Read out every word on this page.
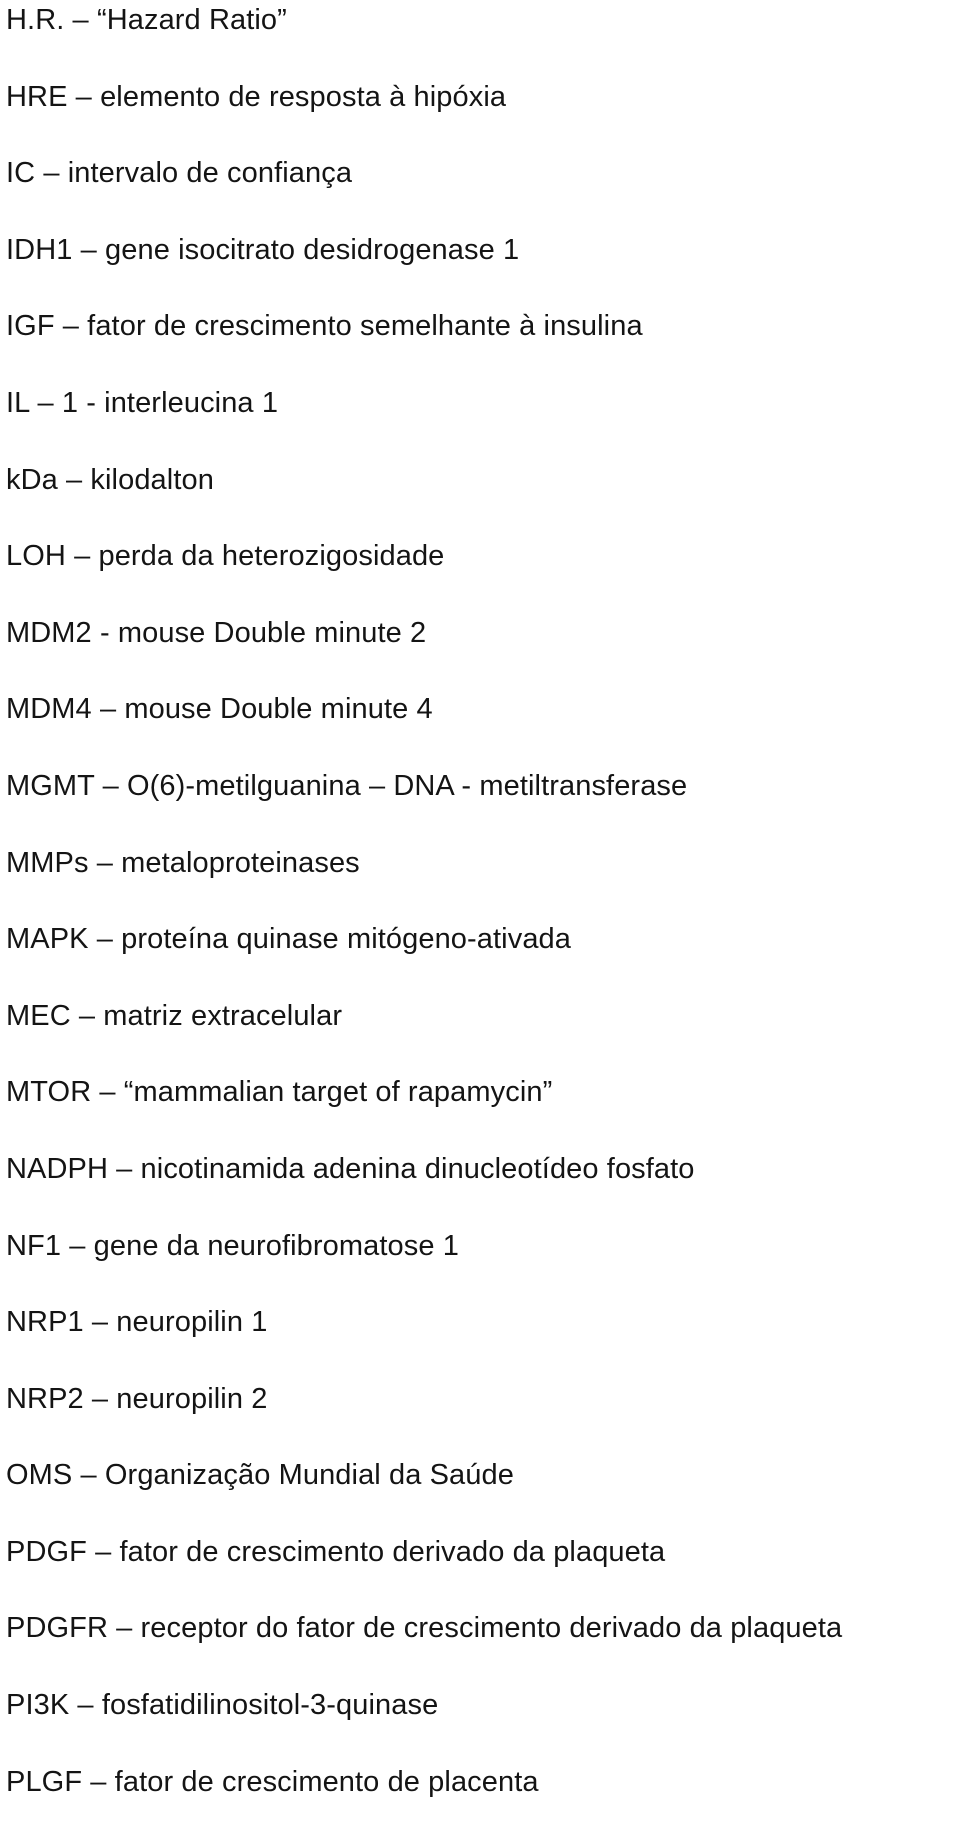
H.R. – “Hazard Ratio”
HRE – elemento de resposta à hipóxia
IC – intervalo de confiança
IDH1 – gene isocitrato desidrogenase 1
IGF – fator de crescimento semelhante à insulina
IL – 1 - interleucina 1
kDa – kilodalton
LOH – perda da heterozigosidade
MDM2 - mouse Double minute 2
MDM4 – mouse Double minute 4
MGMT – O(6)-metilguanina – DNA - metiltransferase
MMPs – metaloproteinases
MAPK – proteína quinase mitógeno-ativada
MEC – matriz extracelular
MTOR – “mammalian target of rapamycin”
NADPH – nicotinamida adenina dinucleotídeo fosfato
NF1 – gene da neurofibromatose 1
NRP1 – neuropilin 1
NRP2 – neuropilin 2
OMS – Organização Mundial da Saúde
PDGF – fator de crescimento derivado da plaqueta
PDGFR – receptor do fator de crescimento derivado da plaqueta
PI3K – fosfatidilinositol-3-quinase
PLGF – fator de crescimento de placenta
